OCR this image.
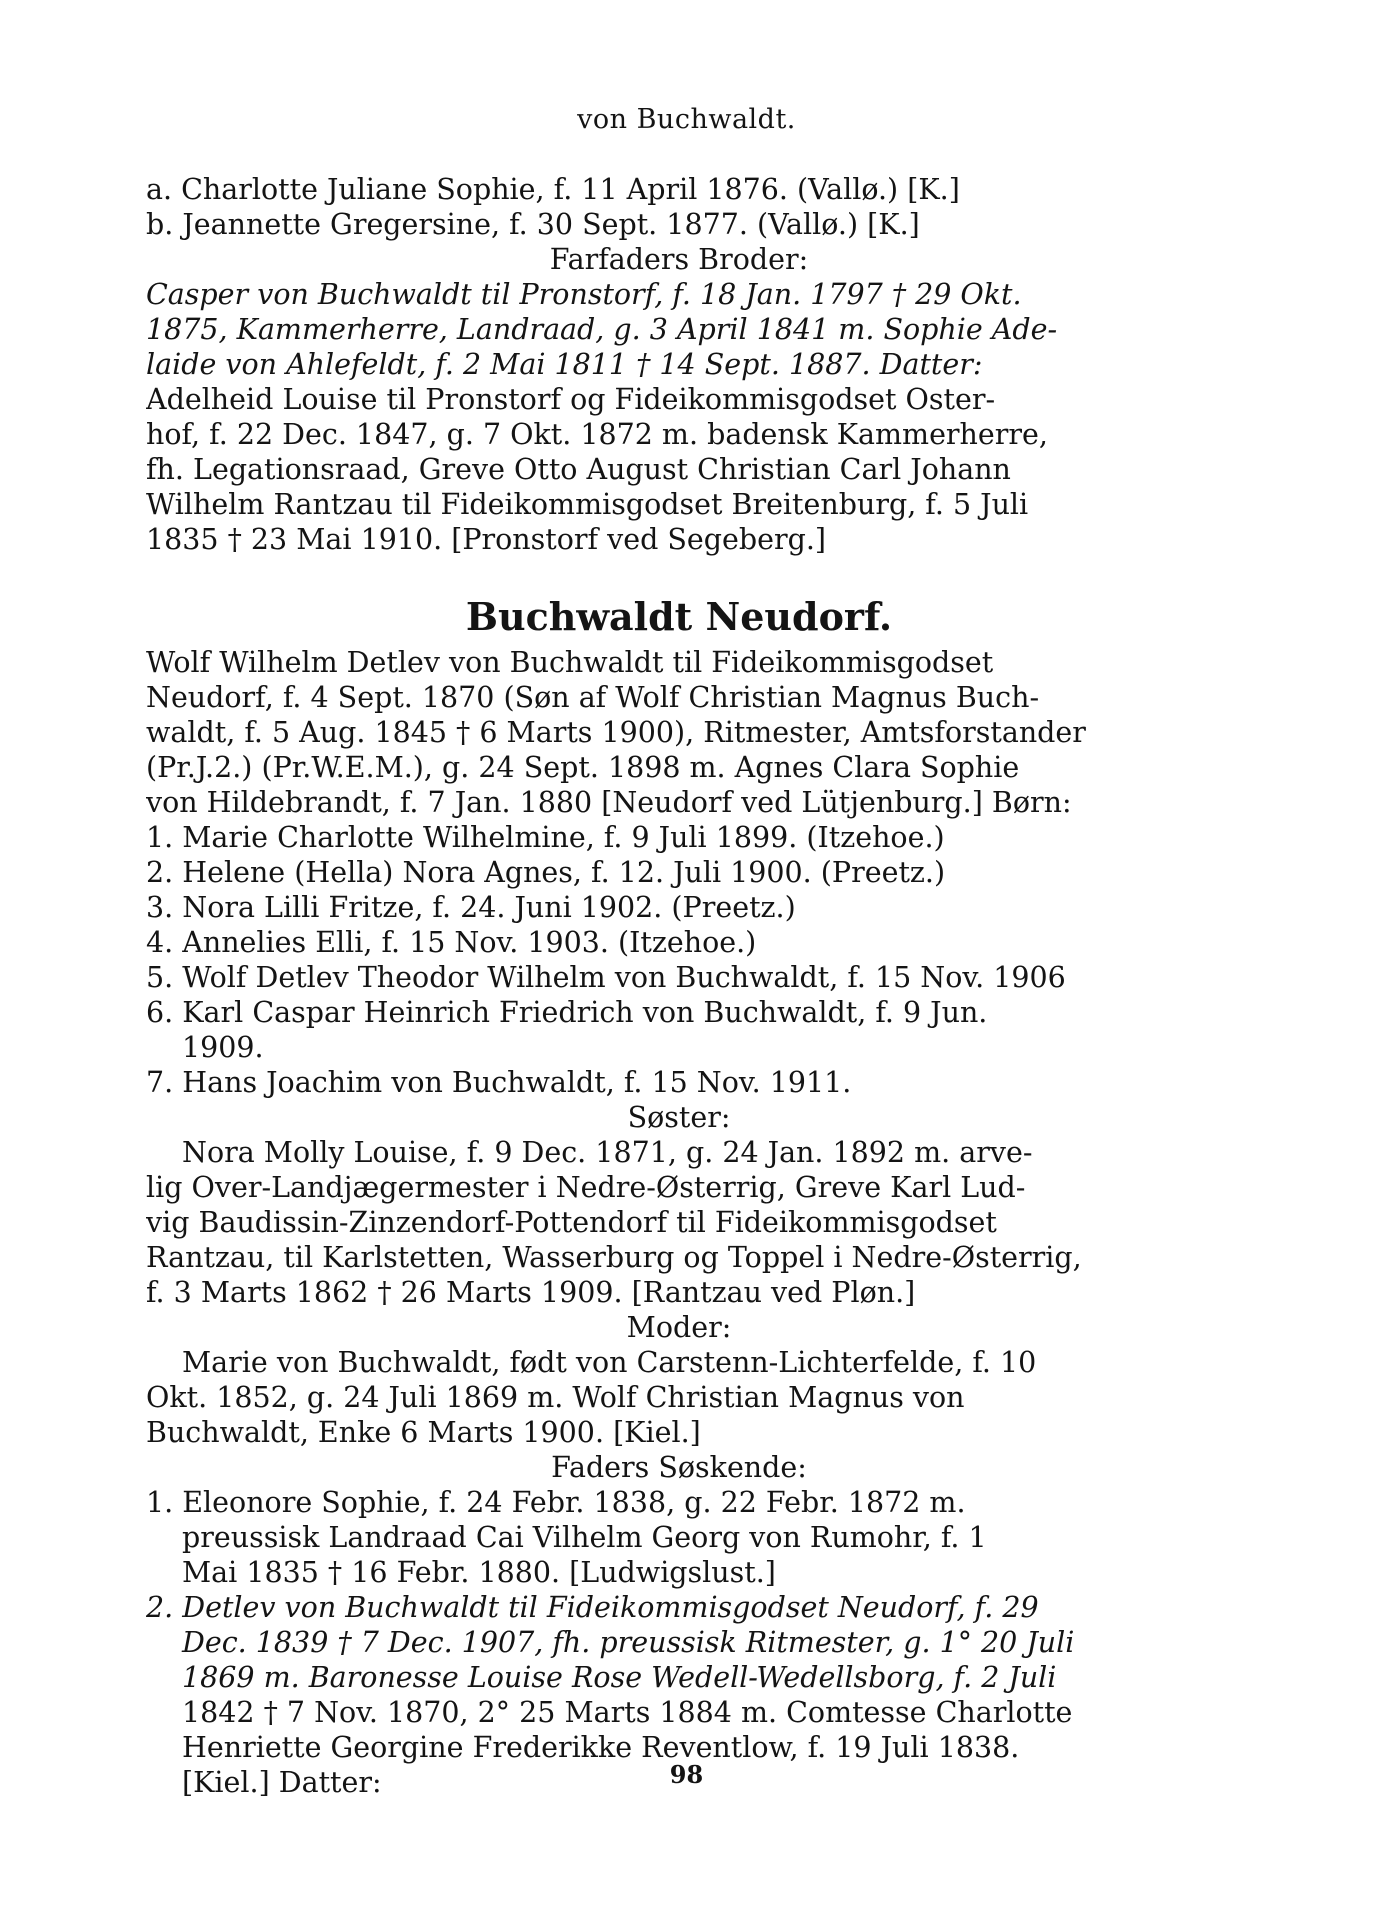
von Buchwaldt.
a. Charlotte Juliane Sophie, f. 11 April 1876. (Vallø.) [K.]
b. Jeannette Gregersine, f. 30 Sept. 1877. (Vallø.) [K.]
Farfaders Broder:
Casper von Buchwaldt til Pronstorf, f. 18 Jan. 1797 † 29 Okt.
1875, Kammerherre, Landraad, g. 3 April 1841 m. Sophie Ade-
laide von Ahlefeldt, f. 2 Mai 1811 † 14 Sept. 1887. Datter:
Adelheid Louise til Pronstorf og Fideikommisgodset Oster-
hof, f. 22 Dec. 1847, g. 7 Okt. 1872 m. badensk Kammerherre,
fh. Legationsraad, Greve Otto August Christian Carl Johann
Wilhelm Rantzau til Fideikommisgodset Breitenburg, f. 5 Juli
1835 † 23 Mai 1910. [Pronstorf ved Segeberg.]
Buchwaldt Neudorf.
Wolf Wilhelm Detlev von Buchwaldt til Fideikommisgodset
Neudorf, f. 4 Sept. 1870 (Søn af Wolf Christian Magnus Buch-
waldt, f. 5 Aug. 1845 † 6 Marts 1900), Ritmester, Amtsforstander
(Pr.J.2.) (Pr.W.E.M.), g. 24 Sept. 1898 m. Agnes Clara Sophie
von Hildebrandt, f. 7 Jan. 1880 [Neudorf ved Lütjenburg.] Børn:
1. Marie Charlotte Wilhelmine, f. 9 Juli 1899. (Itzehoe.)
2. Helene (Hella) Nora Agnes, f. 12. Juli 1900. (Preetz.)
3. Nora Lilli Fritze, f. 24. Juni 1902. (Preetz.)
4. Annelies Elli, f. 15 Nov. 1903. (Itzehoe.)
5. Wolf Detlev Theodor Wilhelm von Buchwaldt, f. 15 Nov. 1906
6. Karl Caspar Heinrich Friedrich von Buchwaldt, f. 9 Jun.
1909.
7. Hans Joachim von Buchwaldt, f. 15 Nov. 1911.
Søster:
Nora Molly Louise, f. 9 Dec. 1871, g. 24 Jan. 1892 m. arve-
lig Over-Landjægermester i Nedre-Østerrig, Greve Karl Lud-
vig Baudissin-Zinzendorf-Pottendorf til Fideikommisgodset
Rantzau, til Karlstetten, Wasserburg og Toppel i Nedre-Østerrig,
f. 3 Marts 1862 † 26 Marts 1909. [Rantzau ved Pløn.]
Moder:
Marie von Buchwaldt, født von Carstenn-Lichterfelde, f. 10
Okt. 1852, g. 24 Juli 1869 m. Wolf Christian Magnus von
Buchwaldt, Enke 6 Marts 1900. [Kiel.]
Faders Søskende:
1. Eleonore Sophie, f. 24 Febr. 1838, g. 22 Febr. 1872 m.
preussisk Landraad Cai Vilhelm Georg von Rumohr, f. 1
Mai 1835 † 16 Febr. 1880. [Ludwigslust.]
2. Detlev von Buchwaldt til Fideikommisgodset Neudorf, f. 29
Dec. 1839 † 7 Dec. 1907, fh. preussisk Ritmester, g. 1° 20 Juli
1869 m. Baronesse Louise Rose Wedell-Wedellsborg, f. 2 Juli
1842 † 7 Nov. 1870, 2° 25 Marts 1884 m. Comtesse Charlotte
Henriette Georgine Frederikke Reventlow, f. 19 Juli 1838.
[Kiel.] Datter:	98
